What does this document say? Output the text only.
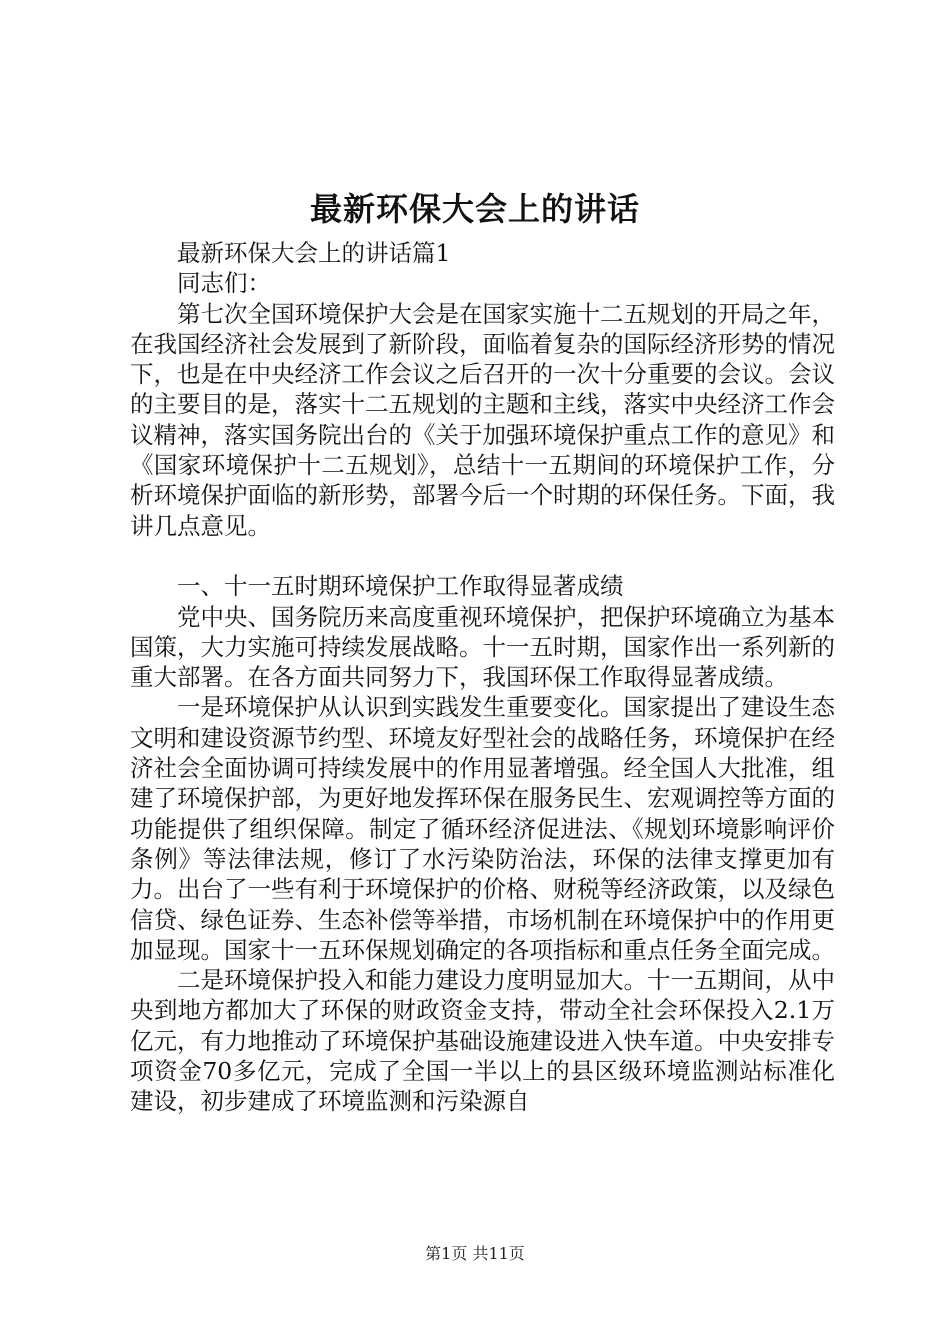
最新环保大会上的讲话

最新环保大会上的讲话篇1

同志们：

第七次全国环境保护大会是在国家实施十二五规划的开局之年，在我国经济社会发展到了新阶段，面临着复杂的国际经济形势的情况下，也是在中央经济工作会议之后召开的一次十分重要的会议。会议的主要目的是，落实十二五规划的主题和主线，落实中央经济工作会议精神，落实国务院出台的《关于加强环境保护重点工作的意见》和《国家环境保护十二五规划》，总结十一五期间的环境保护工作，分析环境保护面临的新形势，部署今后一个时期的环保任务。下面，我讲几点意见。

一、十一五时期环境保护工作取得显著成绩

党中央、国务院历来高度重视环境保护，把保护环境确立为基本国策，大力实施可持续发展战略。十一五时期，国家作出一系列新的重大部署。在各方面共同努力下，我国环保工作取得显著成绩。

一是环境保护从认识到实践发生重要变化。国家提出了建设生态文明和建设资源节约型、环境友好型社会的战略任务，环境保护在经济社会全面协调可持续发展中的作用显著增强。经全国人大批准，组建了环境保护部，为更好地发挥环保在服务民生、宏观调控等方面的功能提供了组织保障。制定了循环经济促进法、《规划环境影响评价条例》等法律法规，修订了水污染防治法，环保的法律支撑更加有力。出台了一些有利于环境保护的价格、财税等经济政策，以及绿色信贷、绿色证券、生态补偿等举措，市场机制在环境保护中的作用更加显现。国家十一五环保规划确定的各项指标和重点任务全面完成。

二是环境保护投入和能力建设力度明显加大。十一五期间，从中央到地方都加大了环保的财政资金支持，带动全社会环保投入2.1万亿元，有力地推动了环境保护基础设施建设进入快车道。中央安排专项资金70多亿元，完成了全国一半以上的县区级环境监测站标准化建设，初步建成了环境监测和污染源自

第1页 共11页
